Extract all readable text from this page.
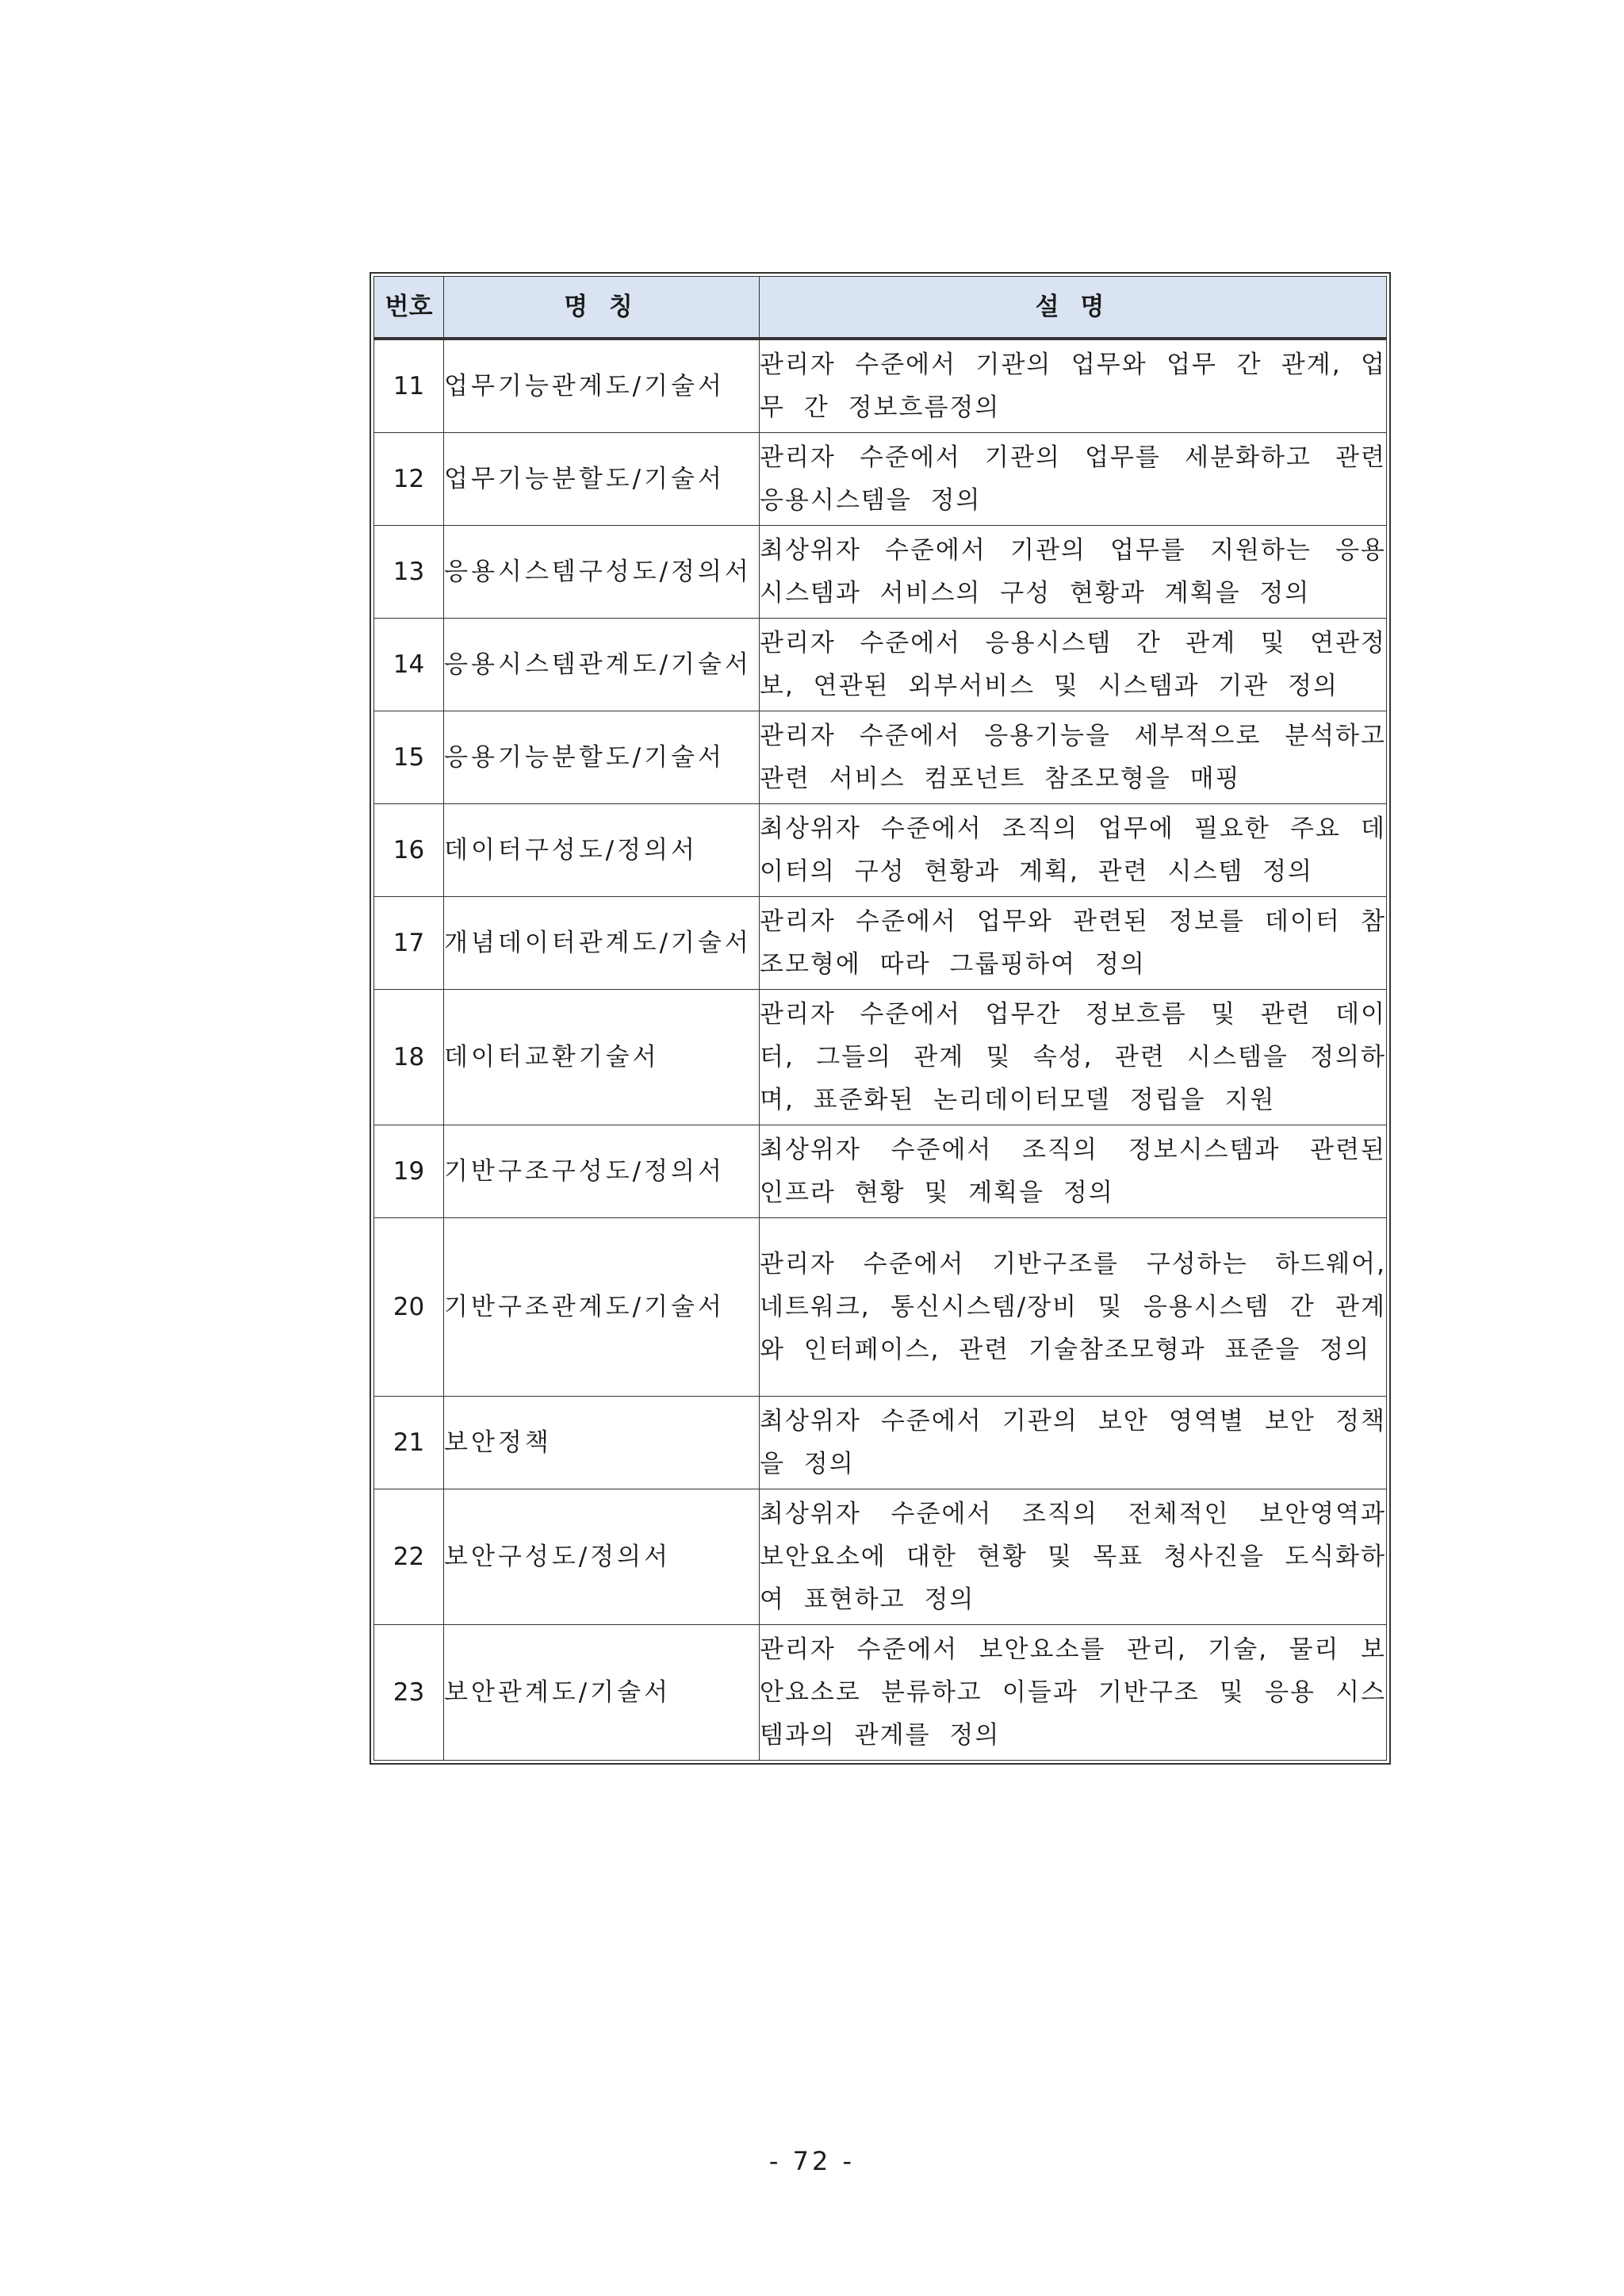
번호	명 칭	설 명
11	업무기능관계도/기술서	관리자 수준에서 기관의 업무와 업무 간 관계, 업무 간 정보흐름정의
12	업무기능분할도/기술서	관리자 수준에서 기관의 업무를 세분화하고 관련 응용시스템을 정의
13	응용시스템구성도/정의서	최상위자 수준에서 기관의 업무를 지원하는 응용시스템과 서비스의 구성 현황과 계획을 정의
14	응용시스템관계도/기술서	관리자 수준에서 응용시스템 간 관계 및 연관정보, 연관된 외부서비스 및 시스템과 기관 정의
15	응용기능분할도/기술서	관리자 수준에서 응용기능을 세부적으로 분석하고 관련 서비스 컴포넌트 참조모형을 매핑
16	데이터구성도/정의서	최상위자 수준에서 조직의 업무에 필요한 주요 데이터의 구성 현황과 계획, 관련 시스템 정의
17	개념데이터관계도/기술서	관리자 수준에서 업무와 관련된 정보를 데이터 참조모형에 따라 그룹핑하여 정의
18	데이터교환기술서	관리자 수준에서 업무간 정보흐름 및 관련 데이터, 그들의 관계 및 속성, 관련 시스템을 정의하며, 표준화된 논리데이터모델 정립을 지원
19	기반구조구성도/정의서	최상위자 수준에서 조직의 정보시스템과 관련된 인프라 현황 및 계획을 정의
20	기반구조관계도/기술서	관리자 수준에서 기반구조를 구성하는 하드웨어, 네트워크, 통신시스템/장비 및 응용시스템 간 관계와 인터페이스, 관련 기술참조모형과 표준을 정의
21	보안정책	최상위자 수준에서 기관의 보안 영역별 보안 정책을 정의
22	보안구성도/정의서	최상위자 수준에서 조직의 전체적인 보안영역과 보안요소에 대한 현황 및 목표 청사진을 도식화하여 표현하고 정의
23	보안관계도/기술서	관리자 수준에서 보안요소를 관리, 기술, 물리 보안요소로 분류하고 이들과 기반구조 및 응용 시스템과의 관계를 정의
- 72 -
